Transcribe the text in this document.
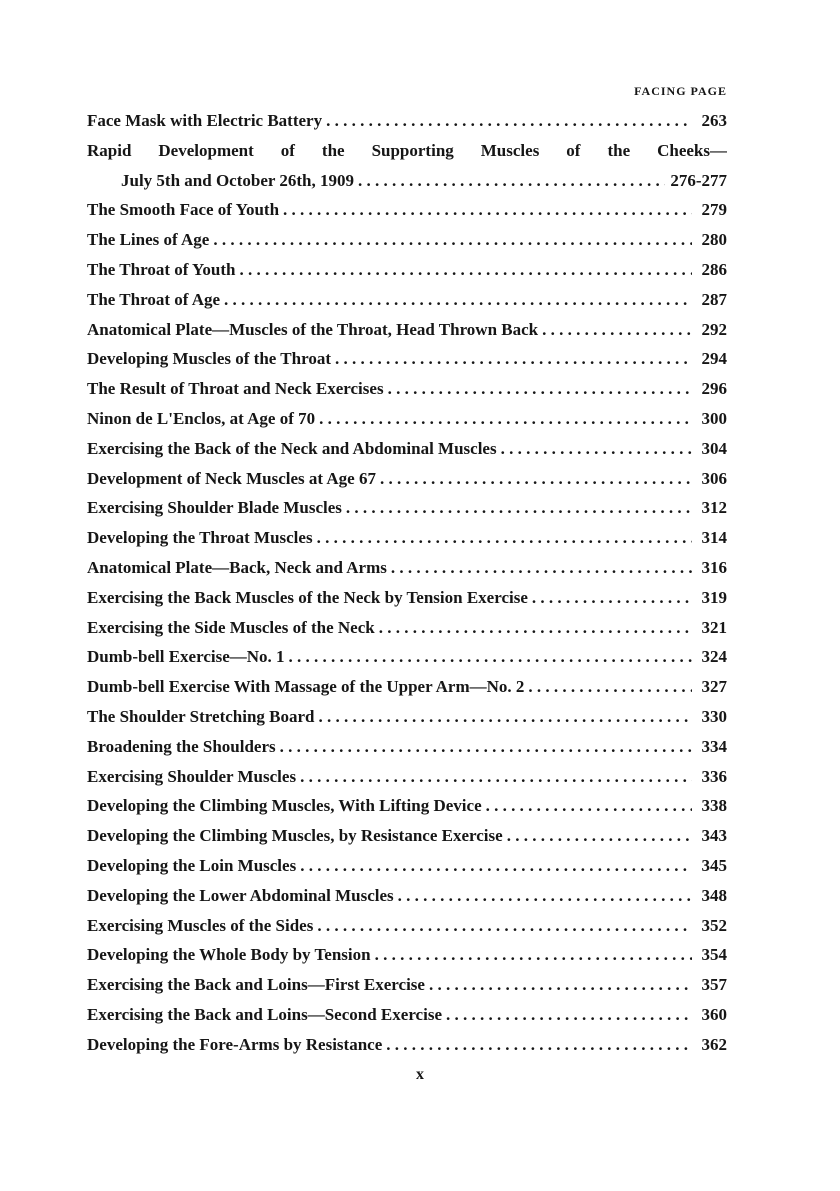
FACING PAGE
Face Mask with Electric Battery . . .	263
Rapid Development of the Supporting Muscles of the Cheeks—
July 5th and October 26th, 1909 . . .	276-277
The Smooth Face of Youth . . .	279
The Lines of Age . . .	280
The Throat of Youth . . .	286
The Throat of Age . . .	287
Anatomical Plate—Muscles of the Throat, Head Thrown Back . . .	292
Developing Muscles of the Throat . . .	294
The Result of Throat and Neck Exercises . . .	296
Ninon de L'Enclos, at Age of 70 . . .	300
Exercising the Back of the Neck and Abdominal Muscles . . .	304
Development of Neck Muscles at Age 67 . . .	306
Exercising Shoulder Blade Muscles . . .	312
Developing the Throat Muscles . . .	314
Anatomical Plate—Back, Neck and Arms . . .	316
Exercising the Back Muscles of the Neck by Tension Exercise . . .	319
Exercising the Side Muscles of the Neck . . .	321
Dumb-bell Exercise—No. 1 . . .	324
Dumb-bell Exercise With Massage of the Upper Arm—No. 2 . . .	327
The Shoulder Stretching Board . . .	330
Broadening the Shoulders . . .	334
Exercising Shoulder Muscles . . .	336
Developing the Climbing Muscles, With Lifting Device . . .	338
Developing the Climbing Muscles, by Resistance Exercise . . .	343
Developing the Loin Muscles . . .	345
Developing the Lower Abdominal Muscles . . .	348
Exercising Muscles of the Sides . . .	352
Developing the Whole Body by Tension . . .	354
Exercising the Back and Loins—First Exercise . . .	357
Exercising the Back and Loins—Second Exercise . . .	360
Developing the Fore-Arms by Resistance . . .	362
x
